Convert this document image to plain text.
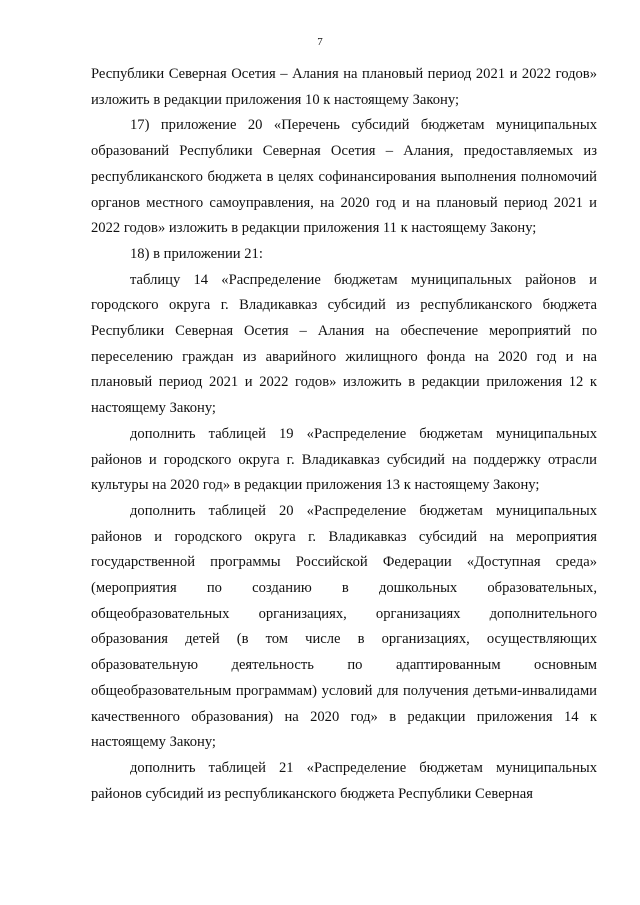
7

Республики Северная Осетия – Алания на плановый период 2021 и 2022 годов» изложить в редакции приложения 10 к настоящему Закону;

17) приложение 20 «Перечень субсидий бюджетам муниципальных образований Республики Северная Осетия – Алания, предоставляемых из республиканского бюджета в целях софинансирования выполнения полномочий органов местного самоуправления, на 2020 год и на плановый период 2021 и 2022 годов» изложить в редакции приложения 11 к настоящему Закону;

18) в приложении 21:

таблицу 14 «Распределение бюджетам муниципальных районов и городского округа г. Владикавказ субсидий из республиканского бюджета Республики Северная Осетия – Алания на обеспечение мероприятий по переселению граждан из аварийного жилищного фонда на 2020 год и на плановый период 2021 и 2022 годов» изложить в редакции приложения 12 к настоящему Закону;

дополнить таблицей 19 «Распределение бюджетам муниципальных районов и городского округа г. Владикавказ субсидий на поддержку отрасли культуры на 2020 год» в редакции приложения 13 к настоящему Закону;

дополнить таблицей 20 «Распределение бюджетам муниципальных районов и городского округа г. Владикавказ субсидий на мероприятия государственной программы Российской Федерации «Доступная среда» (мероприятия по созданию в дошкольных образовательных, общеобразовательных организациях, организациях дополнительного образования детей (в том числе в организациях, осуществляющих образовательную деятельность по адаптированным основным общеобразовательным программам) условий для получения детьми-инвалидами качественного образования) на 2020 год» в редакции приложения 14 к настоящему Закону;

дополнить таблицей 21 «Распределение бюджетам муниципальных районов субсидий из республиканского бюджета Республики Северная
